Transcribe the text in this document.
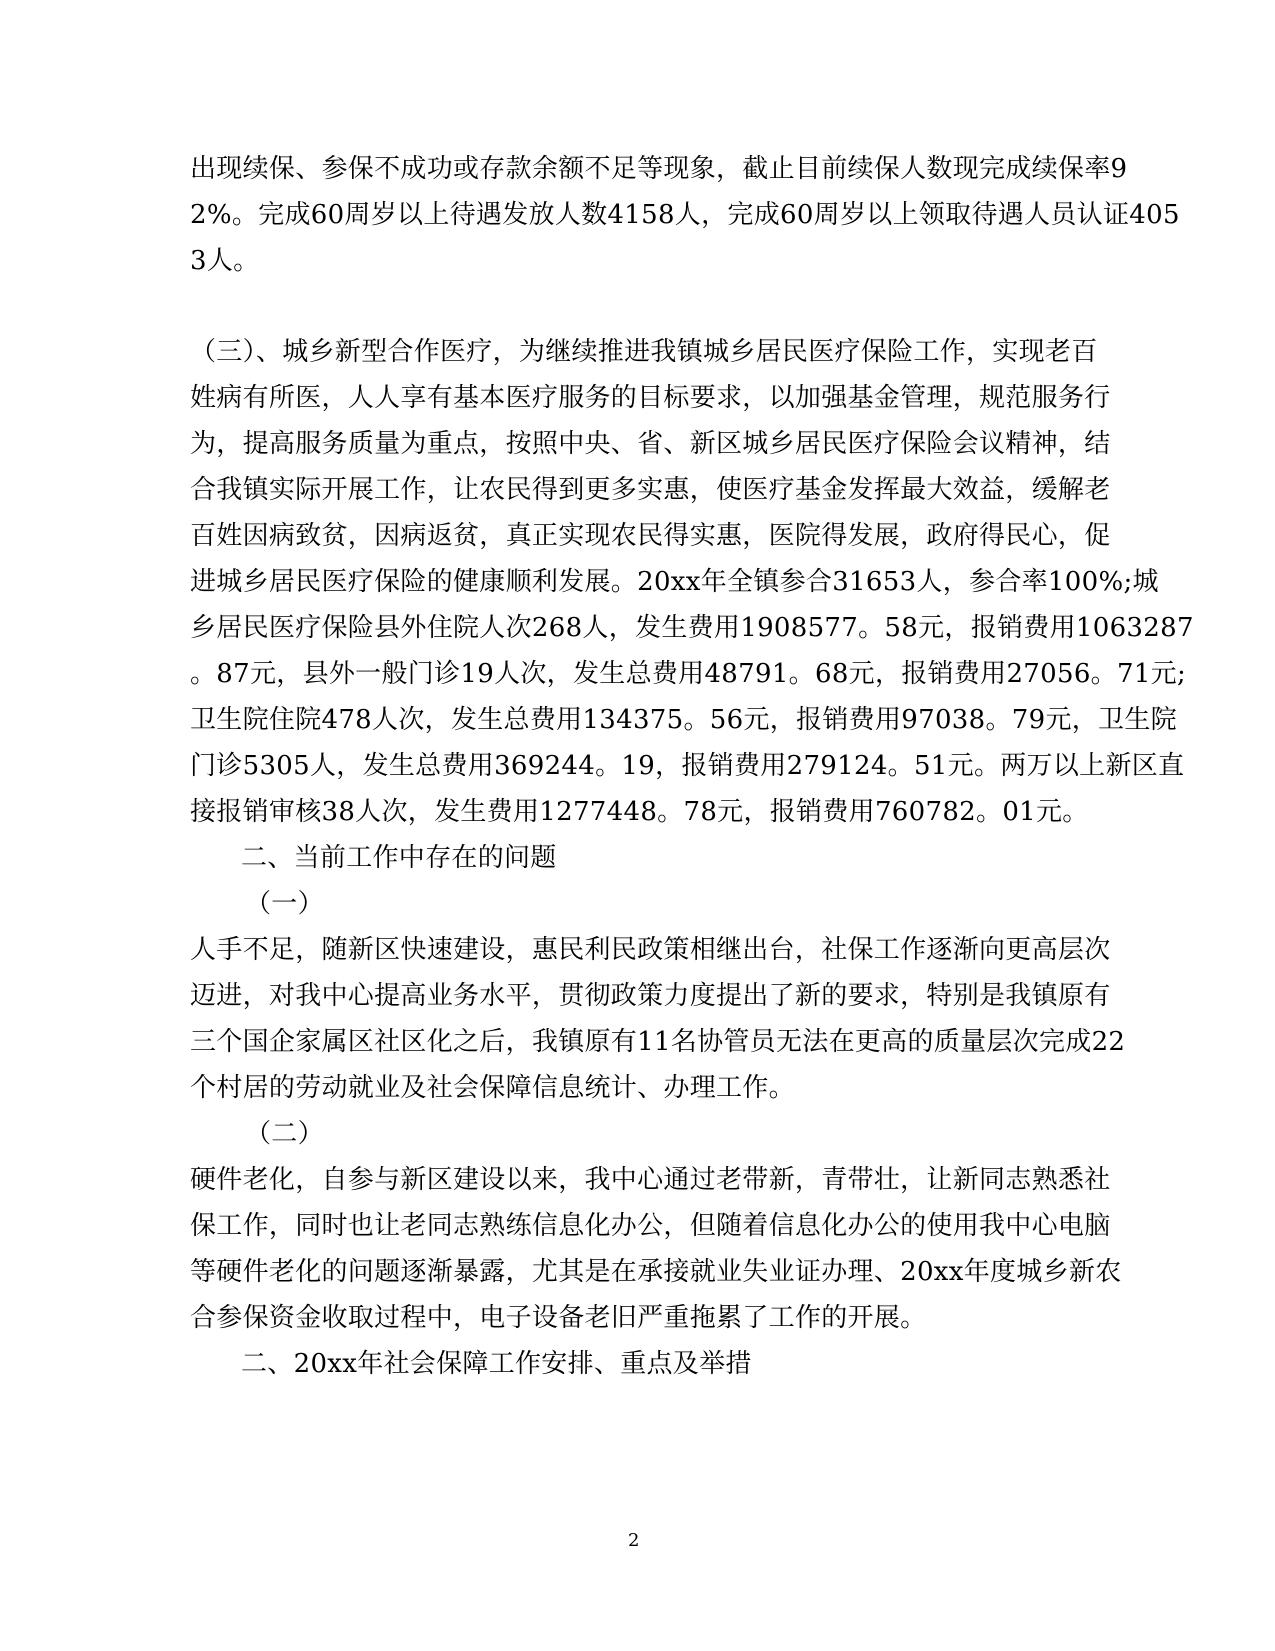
出现续保、参保不成功或存款余额不足等现象，截止目前续保人数现完成续保率9
2%。完成60周岁以上待遇发放人数4158人，完成60周岁以上领取待遇人员认证405
3人。
（三）、城乡新型合作医疗，为继续推进我镇城乡居民医疗保险工作，实现老百
姓病有所医，人人享有基本医疗服务的目标要求，以加强基金管理，规范服务行
为，提高服务质量为重点，按照中央、省、新区城乡居民医疗保险会议精神，结
合我镇实际开展工作，让农民得到更多实惠，使医疗基金发挥最大效益，缓解老
百姓因病致贫，因病返贫，真正实现农民得实惠，医院得发展，政府得民心，促
进城乡居民医疗保险的健康顺利发展。20xx年全镇参合31653人，参合率100%;城
乡居民医疗保险县外住院人次268人，发生费用1908577。58元，报销费用1063287
。87元，县外一般门诊19人次，发生总费用48791。68元，报销费用27056。71元;
卫生院住院478人次，发生总费用134375。56元，报销费用97038。79元，卫生院
门诊5305人，发生总费用369244。19，报销费用279124。51元。两万以上新区直
接报销审核38人次，发生费用1277448。78元，报销费用760782。01元。
二、当前工作中存在的问题
（一）
人手不足，随新区快速建设，惠民利民政策相继出台，社保工作逐渐向更高层次
迈进，对我中心提高业务水平，贯彻政策力度提出了新的要求，特别是我镇原有
三个国企家属区社区化之后，我镇原有11名协管员无法在更高的质量层次完成22
个村居的劳动就业及社会保障信息统计、办理工作。
（二）
硬件老化，自参与新区建设以来，我中心通过老带新，青带壮，让新同志熟悉社
保工作，同时也让老同志熟练信息化办公，但随着信息化办公的使用我中心电脑
等硬件老化的问题逐渐暴露，尤其是在承接就业失业证办理、20xx年度城乡新农
合参保资金收取过程中，电子设备老旧严重拖累了工作的开展。
二、20xx年社会保障工作安排、重点及举措
2
